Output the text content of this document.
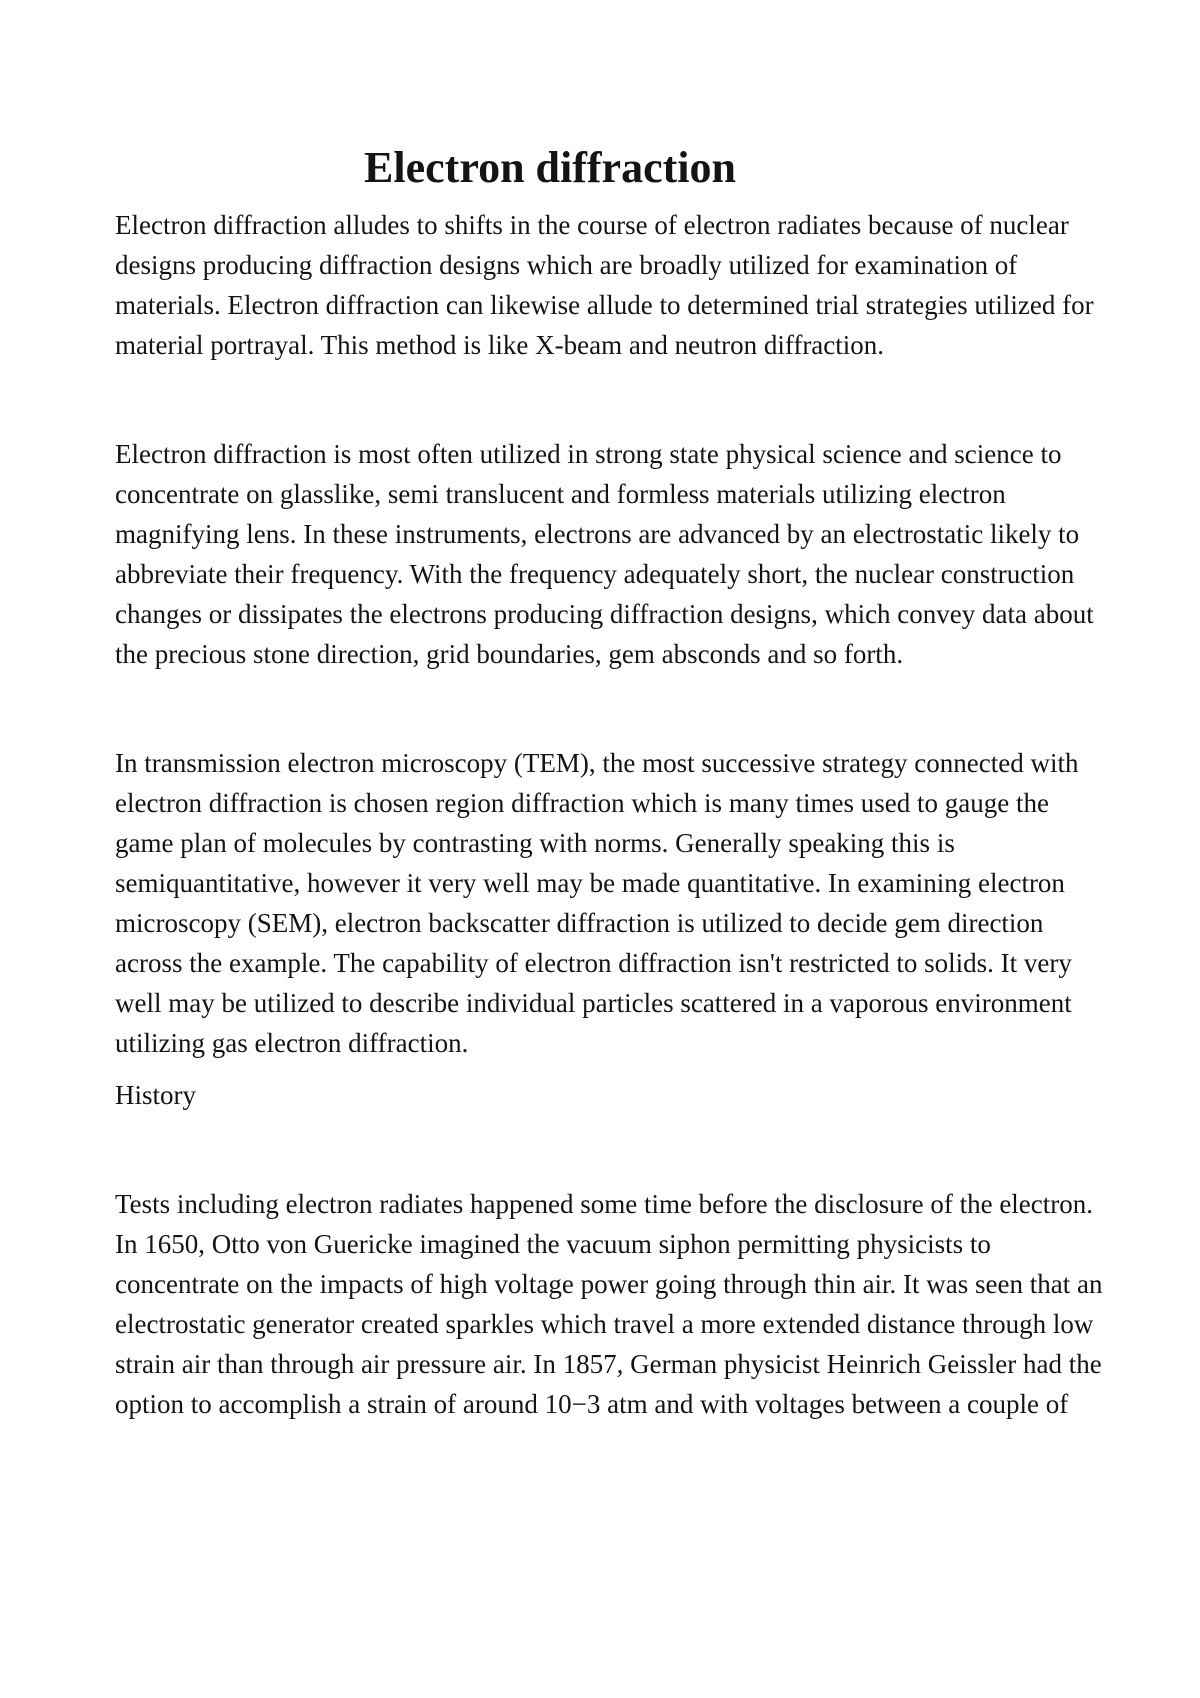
Electron diffraction

Electron diffraction alludes to shifts in the course of electron radiates because of nuclear designs producing diffraction designs which are broadly utilized for examination of materials. Electron diffraction can likewise allude to determined trial strategies utilized for material portrayal. This method is like X-beam and neutron diffraction.

Electron diffraction is most often utilized in strong state physical science and science to concentrate on glasslike, semi translucent and formless materials utilizing electron magnifying lens. In these instruments, electrons are advanced by an electrostatic likely to abbreviate their frequency. With the frequency adequately short, the nuclear construction changes or dissipates the electrons producing diffraction designs, which convey data about the precious stone direction, grid boundaries, gem absconds and so forth.

In transmission electron microscopy (TEM), the most successive strategy connected with electron diffraction is chosen region diffraction which is many times used to gauge the game plan of molecules by contrasting with norms. Generally speaking this is semiquantitative, however it very well may be made quantitative. In examining electron microscopy (SEM), electron backscatter diffraction is utilized to decide gem direction across the example. The capability of electron diffraction isn't restricted to solids. It very well may be utilized to describe individual particles scattered in a vaporous environment utilizing gas electron diffraction.

History

Tests including electron radiates happened some time before the disclosure of the electron. In 1650, Otto von Guericke imagined the vacuum siphon permitting physicists to concentrate on the impacts of high voltage power going through thin air. It was seen that an electrostatic generator created sparkles which travel a more extended distance through low strain air than through air pressure air. In 1857, German physicist Heinrich Geissler had the option to accomplish a strain of around 10−3 atm and with voltages between a couple of
